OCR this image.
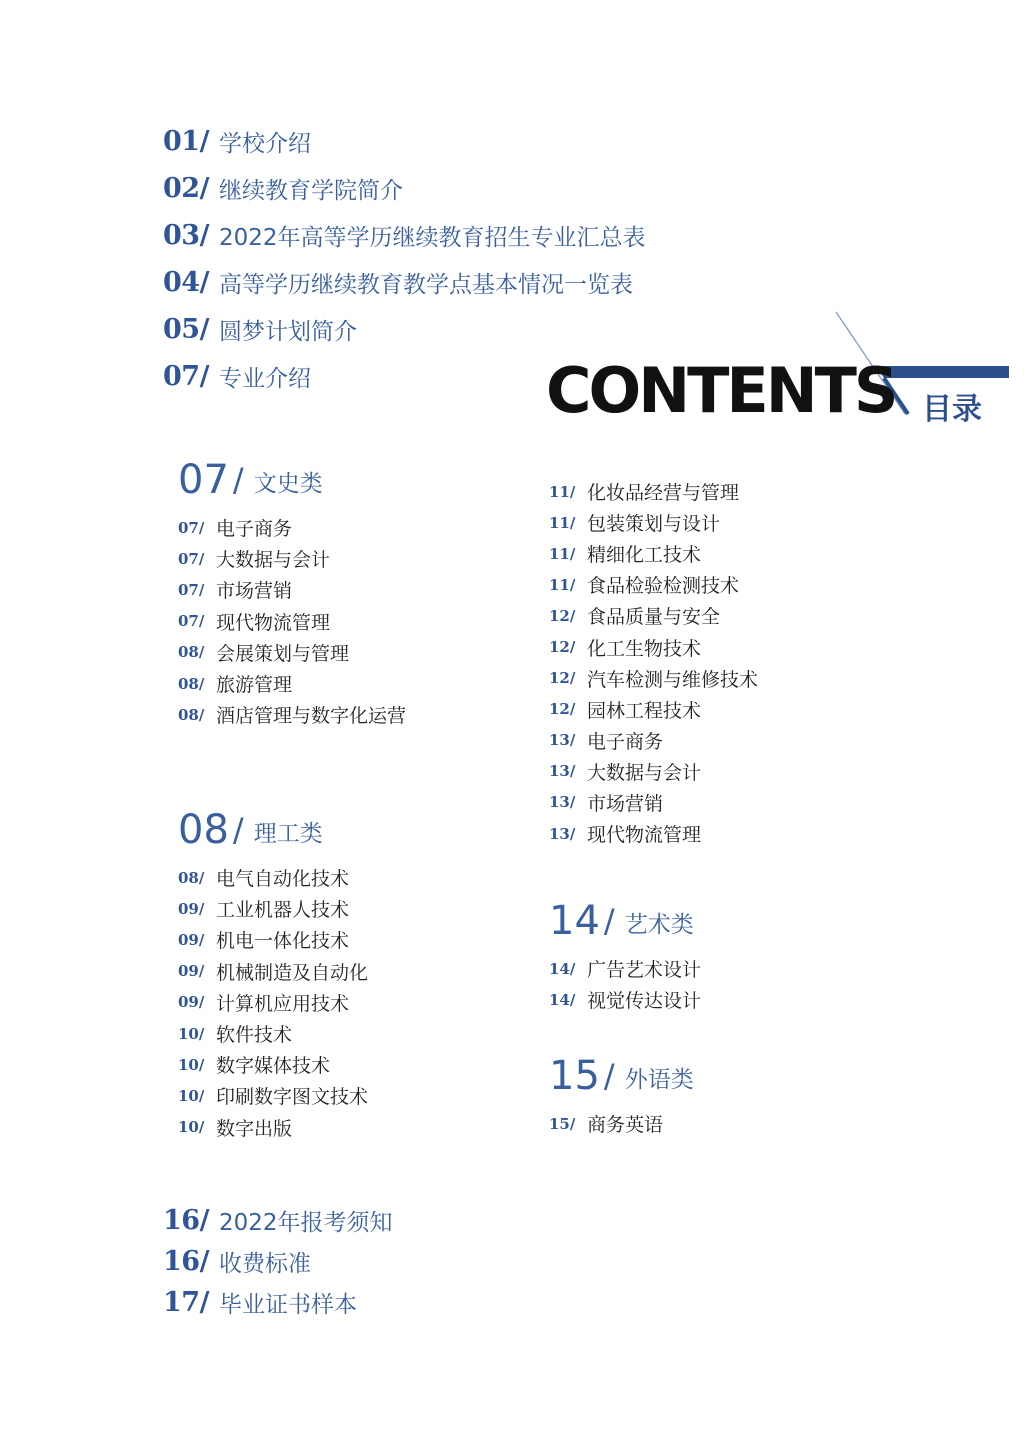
01/ 学校介绍
02/ 继续教育学院简介
03/ 2022年高等学历继续教育招生专业汇总表
04/ 高等学历继续教育教学点基本情况一览表
05/ 圆梦计划简介
07/ 专业介绍	CONTENTS 目录
07 / 文史类
07/ 电子商务
07/ 大数据与会计
07/ 市场营销
07/ 现代物流管理
08/ 会展策划与管理
08/ 旅游管理
08/ 酒店管理与数字化运营
08 / 理工类
08/ 电气自动化技术
09/ 工业机器人技术
09/ 机电一体化技术
09/ 机械制造及自动化
09/ 计算机应用技术
10/ 软件技术
10/ 数字媒体技术
10/ 印刷数字图文技术
10/ 数字出版
11/ 化妆品经营与管理
11/ 包装策划与设计
11/ 精细化工技术
11/ 食品检验检测技术
12/ 食品质量与安全
12/ 化工生物技术
12/ 汽车检测与维修技术
12/ 园林工程技术
13/ 电子商务
13/ 大数据与会计
13/ 市场营销
13/ 现代物流管理
14 / 艺术类
14/ 广告艺术设计
14/ 视觉传达设计
15 / 外语类
15/ 商务英语
16/ 2022年报考须知
16/ 收费标准
17/ 毕业证书样本
